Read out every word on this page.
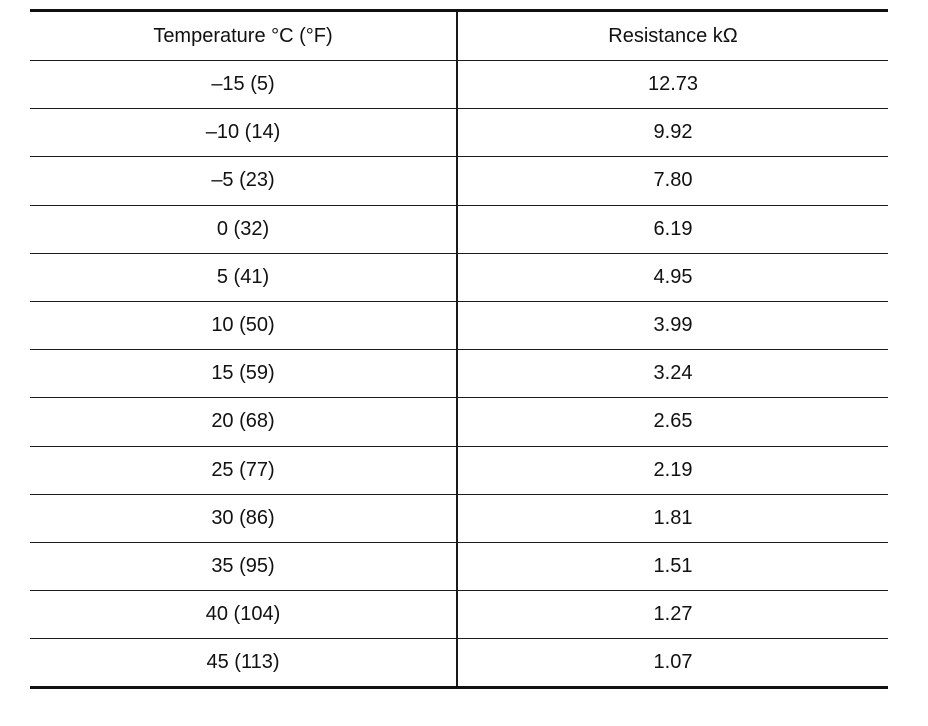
Temperature °C (°F)	Resistance kΩ
–15 (5)	12.73
–10 (14)	9.92
–5 (23)	7.80
0 (32)	6.19
5 (41)	4.95
10 (50)	3.99
15 (59)	3.24
20 (68)	2.65
25 (77)	2.19
30 (86)	1.81
35 (95)	1.51
40 (104)	1.27
45 (113)	1.07
